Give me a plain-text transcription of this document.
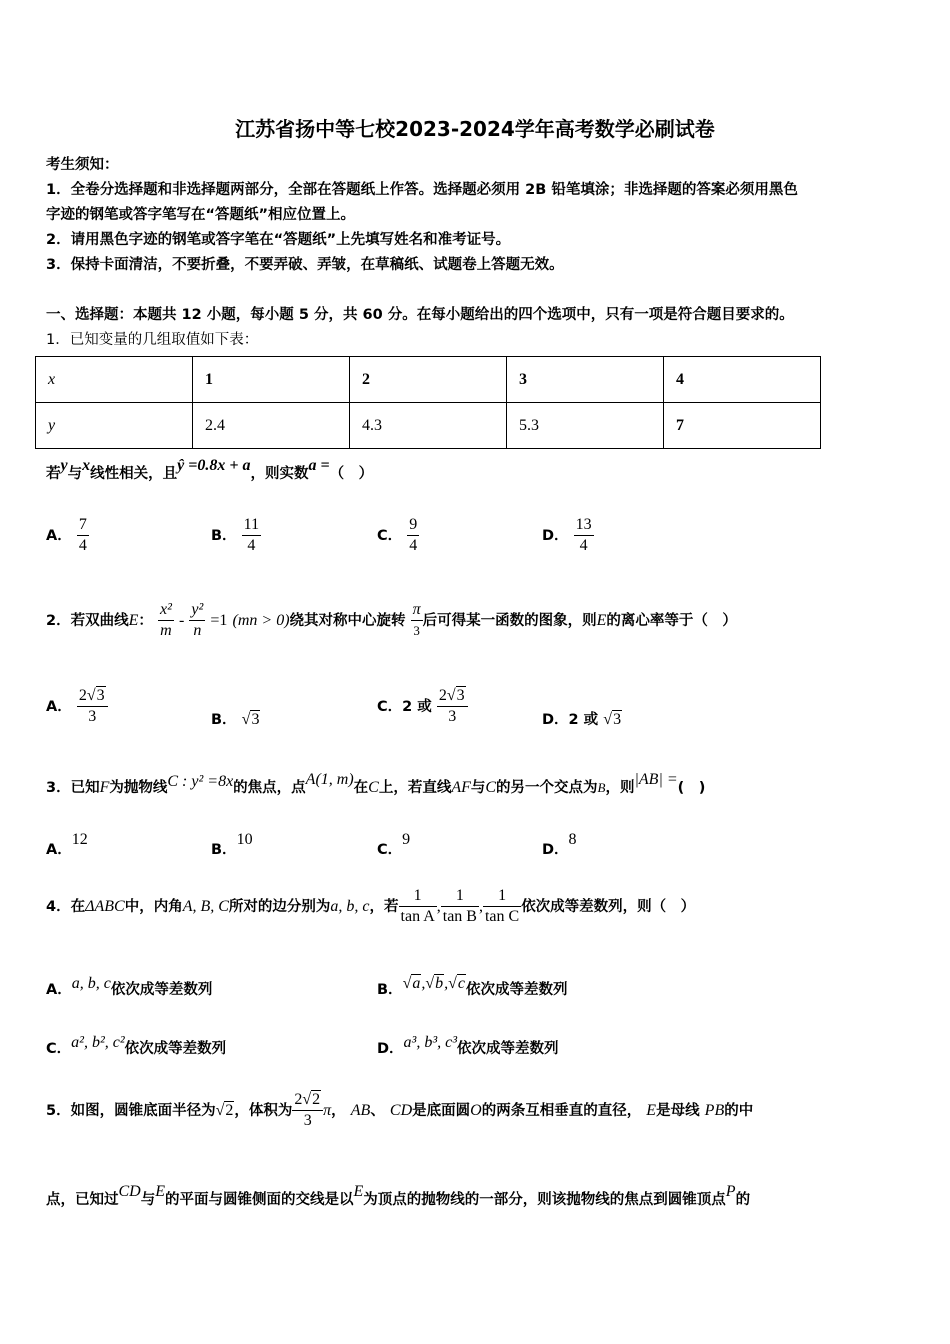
江苏省扬中等七校2023-2024学年高考数学必刷试卷
考生须知：
1．全卷分选择题和非选择题两部分，全部在答题纸上作答。选择题必须用 2B 铅笔填涂；非选择题的答案必须用黑色
字迹的钢笔或答字笔写在“答题纸”相应位置上。
2．请用黑色字迹的钢笔或答字笔在“答题纸”上先填写姓名和准考证号。
3．保持卡面清洁，不要折叠，不要弄破、弄皱，在草稿纸、试题卷上答题无效。
一、选择题：本题共 12 小题，每小题 5 分，共 60 分。在每小题给出的四个选项中，只有一项是符合题目要求的。
1．已知变量的几组取值如下表：
x	1	2	3	4
y	2.4	4.3	5.3	7
若y与x线性相关，且ŷ =0.8x + a，则实数a =（　）
A． $\frac{7}{4}$	B． $\frac{11}{4}$	C． $\frac{9}{4}$	D． $\frac{13}{4}$
2．若双曲线E： $\frac{\text{x²}}{m} - \frac{\text{y²}}{n} =1$ (mn > 0)绕其对称中心旋转 $\frac{\pi}{3}$ 后可得某一函数的图象，则E的离心率等于（　）
A． $\frac{2√3}{3}$	B． √3
C．2 或 $\frac{2√3}{3}$	D．2 或 √3
3．已知F为抛物线C : y² =8x的焦点，点A(1, m)在C上，若直线AF与C的另一个交点为B，则|AB| =(　)
A．12
B．10
C．9
D．8
4．在ΔABC中，内角A, B, C所对的边分别为a, b, c，若 $\frac{1}{\text{tan A}}$ , $\frac{1}{\text{tan B}}$ , $\frac{1}{\text{tan C}}$ 依次成等差数列，则（　）
A．a, b, c依次成等差数列	B．√a,√b,√c依次成等差数列
C．a², b², c²依次成等差数列	D．a³, b³, c³依次成等差数列
5．如图，圆锥底面半径为√2，体积为 $\frac{2√2}{3}$ π， AB、 CD是底面圆O的两条互相垂直的直径， E是母线 PB的中
点，已知过CD与E的平面与圆锥侧面的交线是以E为顶点的抛物线的一部分，则该抛物线的焦点到圆锥顶点P的
